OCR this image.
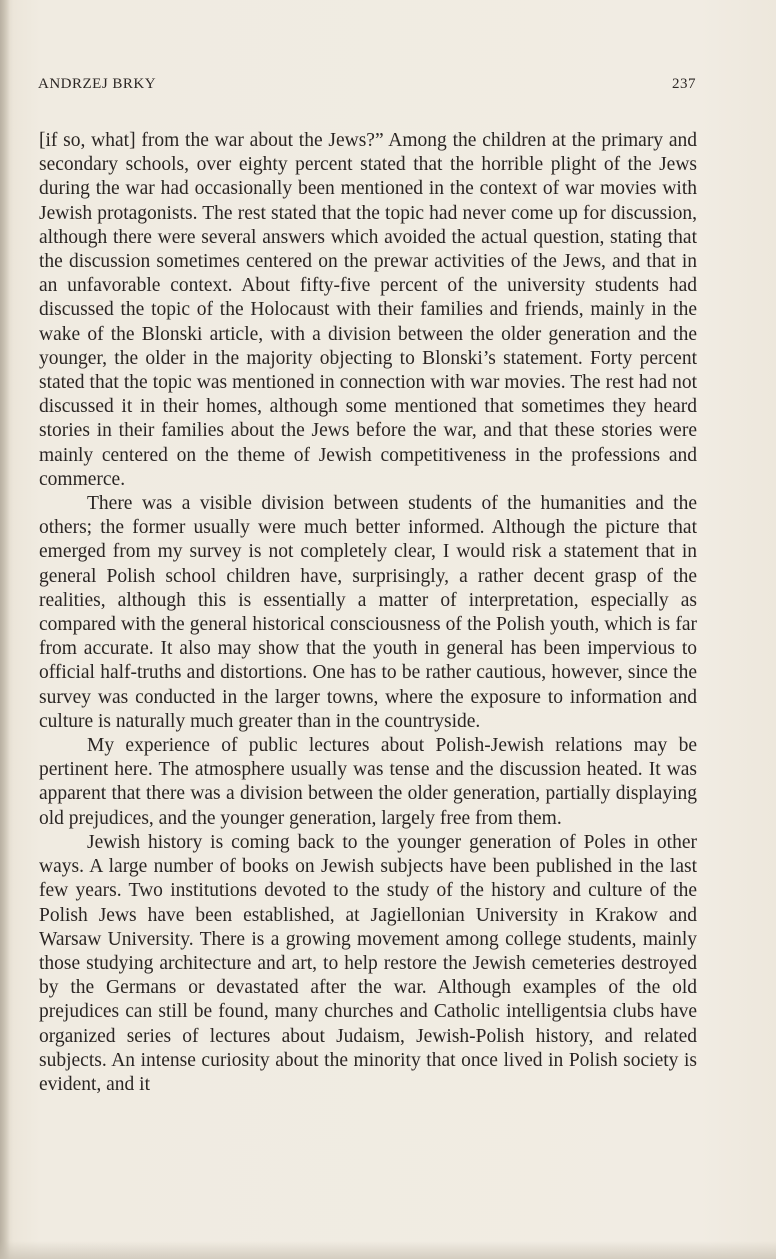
ANDRZEJ BRKY	237

[if so, what] from the war about the Jews?” Among the children at the primary and secondary schools, over eighty percent stated that the horrible plight of the Jews during the war had occasionally been mentioned in the context of war movies with Jewish protagonists. The rest stated that the topic had never come up for discussion, although there were several answers which avoided the actual question, stating that the discussion sometimes centered on the prewar activities of the Jews, and that in an unfavorable context. About fifty-five percent of the university students had discussed the topic of the Holocaust with their families and friends, mainly in the wake of the Blonski article, with a division between the older generation and the younger, the older in the majority objecting to Blonski’s statement. Forty percent stated that the topic was mentioned in connection with war movies. The rest had not discussed it in their homes, although some mentioned that sometimes they heard stories in their families about the Jews before the war, and that these stories were mainly centered on the theme of Jewish competitiveness in the professions and commerce.

There was a visible division between students of the humanities and the others; the former usually were much better informed. Although the picture that emerged from my survey is not completely clear, I would risk a statement that in general Polish school children have, surprisingly, a rather decent grasp of the realities, although this is essentially a matter of interpretation, especially as compared with the general historical consciousness of the Polish youth, which is far from accurate. It also may show that the youth in general has been impervious to official half-truths and distortions. One has to be rather cautious, however, since the survey was conducted in the larger towns, where the exposure to information and culture is naturally much greater than in the countryside.

My experience of public lectures about Polish-Jewish relations may be pertinent here. The atmosphere usually was tense and the discussion heated. It was apparent that there was a division between the older generation, partially displaying old prejudices, and the younger generation, largely free from them.

Jewish history is coming back to the younger generation of Poles in other ways. A large number of books on Jewish subjects have been published in the last few years. Two institutions devoted to the study of the history and culture of the Polish Jews have been established, at Jagiellonian University in Krakow and Warsaw University. There is a growing movement among college students, mainly those studying architecture and art, to help restore the Jewish cemeteries destroyed by the Germans or devastated after the war. Although examples of the old prejudices can still be found, many churches and Catholic intelligentsia clubs have organized series of lectures about Judaism, Jewish-Polish history, and related subjects. An intense curiosity about the minority that once lived in Polish society is evident, and it
